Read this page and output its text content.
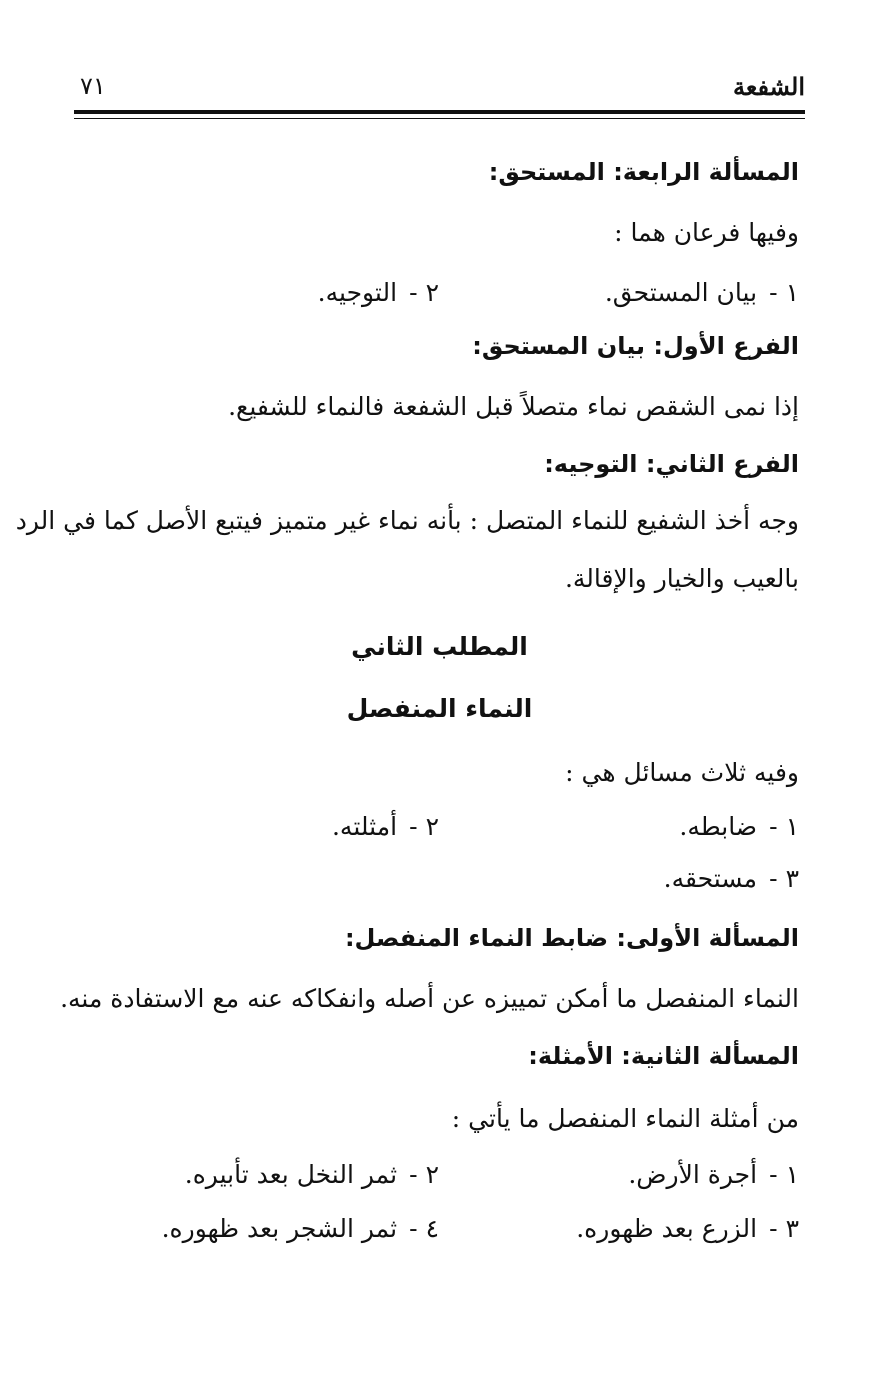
الشفعة
٧١
المسألة الرابعة: المستحق:
وفيها فرعان هما :
١ - بيان المستحق.
٢ - التوجيه.
الفرع الأول: بيان المستحق:
إذا نمى الشقص نماء متصلاً قبل الشفعة فالنماء للشفيع.
الفرع الثاني: التوجيه:
وجه أخذ الشفيع للنماء المتصل : بأنه نماء غير متميز فيتبع الأصل كما في الرد
بالعيب والخيار والإقالة.
المطلب الثاني
النماء المنفصل
وفيه ثلاث مسائل هي :
١ - ضابطه.
٢ - أمثلته.
٣ - مستحقه.
المسألة الأولى: ضابط النماء المنفصل:
النماء المنفصل ما أمكن تمييزه عن أصله وانفكاكه عنه مع الاستفادة منه.
المسألة الثانية: الأمثلة:
من أمثلة النماء المنفصل ما يأتي :
١ - أجرة الأرض.
٢ - ثمر النخل بعد تأبيره.
٣ - الزرع بعد ظهوره.
٤ - ثمر الشجر بعد ظهوره.
